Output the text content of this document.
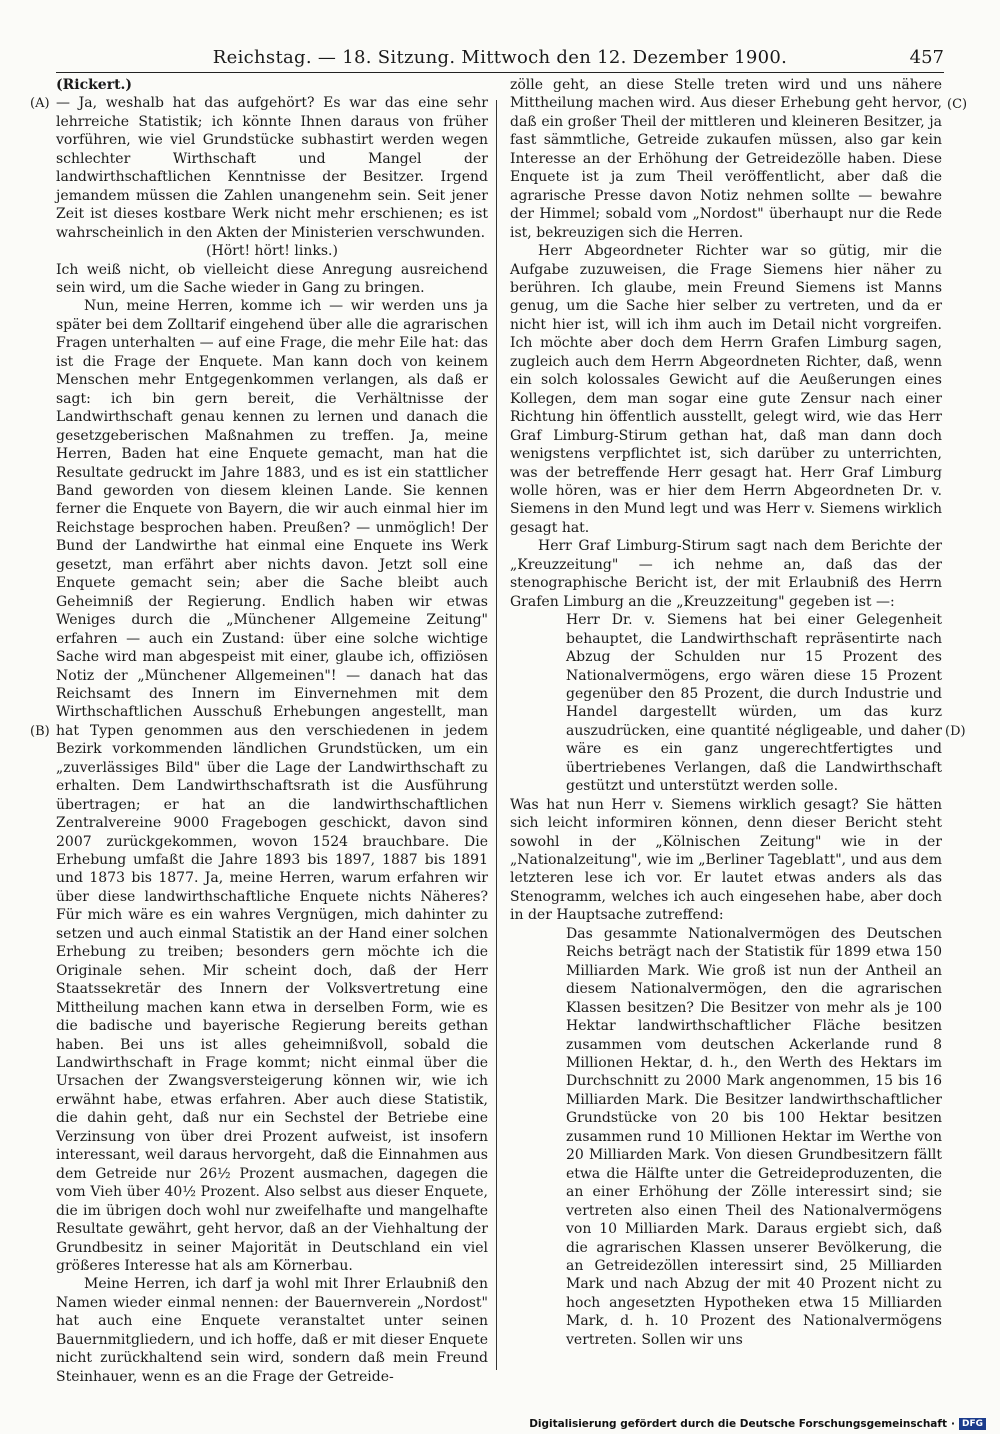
Reichstag. — 18. Sitzung. Mittwoch den 12. Dezember 1900.	457
(A)
(B)
(C)
(D)

(Rickert.)

— Ja, weshalb hat das aufgehört? Es war das eine sehr lehrreiche Statistik; ich könnte Ihnen daraus von früher vorführen, wie viel Grundstücke subhastirt werden wegen schlechter Wirthschaft und Mangel der landwirthschaftlichen Kenntnisse der Besitzer. Irgend jemandem müssen die Zahlen unangenehm sein. Seit jener Zeit ist dieses kostbare Werk nicht mehr erschienen; es ist wahrscheinlich in den Akten der Ministerien verschwunden.

(Hört! hört! links.)

Ich weiß nicht, ob vielleicht diese Anregung ausreichend sein wird, um die Sache wieder in Gang zu bringen.

Nun, meine Herren, komme ich — wir werden uns ja später bei dem Zolltarif eingehend über alle die agrarischen Fragen unterhalten — auf eine Frage, die mehr Eile hat: das ist die Frage der Enquete. Man kann doch von keinem Menschen mehr Entgegenkommen verlangen, als daß er sagt: ich bin gern bereit, die Verhältnisse der Landwirthschaft genau kennen zu lernen und danach die gesetzgeberischen Maßnahmen zu treffen. Ja, meine Herren, Baden hat eine Enquete gemacht, man hat die Resultate gedruckt im Jahre 1883, und es ist ein stattlicher Band geworden von diesem kleinen Lande. Sie kennen ferner die Enquete von Bayern, die wir auch einmal hier im Reichstage besprochen haben. Preußen? — unmöglich! Der Bund der Landwirthe hat einmal eine Enquete ins Werk gesetzt, man erfährt aber nichts davon. Jetzt soll eine Enquete gemacht sein; aber die Sache bleibt auch Geheimniß der Regierung. Endlich haben wir etwas Weniges durch die „Münchener Allgemeine Zeitung" erfahren — auch ein Zustand: über eine solche wichtige Sache wird man abgespeist mit einer, glaube ich, offiziösen Notiz der „Münchener Allgemeinen"! — danach hat das Reichsamt des Innern im Einvernehmen mit dem Wirthschaftlichen Ausschuß Erhebungen angestellt, man hat Typen genommen aus den verschiedenen in jedem Bezirk vorkommenden ländlichen Grundstücken, um ein „zuverlässiges Bild" über die Lage der Landwirthschaft zu erhalten. Dem Landwirthschaftsrath ist die Ausführung übertragen; er hat an die landwirthschaftlichen Zentralvereine 9000 Fragebogen geschickt, davon sind 2007 zurückgekommen, wovon 1524 brauchbare. Die Erhebung umfaßt die Jahre 1893 bis 1897, 1887 bis 1891 und 1873 bis 1877. Ja, meine Herren, warum erfahren wir über diese landwirthschaftliche Enquete nichts Näheres? Für mich wäre es ein wahres Vergnügen, mich dahinter zu setzen und auch einmal Statistik an der Hand einer solchen Erhebung zu treiben; besonders gern möchte ich die Originale sehen. Mir scheint doch, daß der Herr Staatssekretär des Innern der Volksvertretung eine Mittheilung machen kann etwa in derselben Form, wie es die badische und bayerische Regierung bereits gethan haben. Bei uns ist alles geheimnißvoll, sobald die Landwirthschaft in Frage kommt; nicht einmal über die Ursachen der Zwangsversteigerung können wir, wie ich erwähnt habe, etwas erfahren. Aber auch diese Statistik, die dahin geht, daß nur ein Sechstel der Betriebe eine Verzinsung von über drei Prozent aufweist, ist insofern interessant, weil daraus hervorgeht, daß die Einnahmen aus dem Getreide nur 26½ Prozent ausmachen, dagegen die vom Vieh über 40½ Prozent. Also selbst aus dieser Enquete, die im übrigen doch wohl nur zweifelhafte und mangelhafte Resultate gewährt, geht hervor, daß an der Viehhaltung der Grundbesitz in seiner Majorität in Deutschland ein viel größeres Interesse hat als am Körnerbau.

Meine Herren, ich darf ja wohl mit Ihrer Erlaubniß den Namen wieder einmal nennen: der Bauernverein „Nordost" hat auch eine Enquete veranstaltet unter seinen Bauernmitgliedern, und ich hoffe, daß er mit dieser Enquete nicht zurückhaltend sein wird, sondern daß mein Freund Steinhauer, wenn es an die Frage der Getreide-

zölle geht, an diese Stelle treten wird und uns nähere Mittheilung machen wird. Aus dieser Erhebung geht hervor, daß ein großer Theil der mittleren und kleineren Besitzer, ja fast sämmtliche, Getreide zukaufen müssen, also gar kein Interesse an der Erhöhung der Getreidezölle haben. Diese Enquete ist ja zum Theil veröffentlicht, aber daß die agrarische Presse davon Notiz nehmen sollte — bewahre der Himmel; sobald vom „Nordost" überhaupt nur die Rede ist, bekreuzigen sich die Herren.

Herr Abgeordneter Richter war so gütig, mir die Aufgabe zuzuweisen, die Frage Siemens hier näher zu berühren. Ich glaube, mein Freund Siemens ist Manns genug, um die Sache hier selber zu vertreten, und da er nicht hier ist, will ich ihm auch im Detail nicht vorgreifen. Ich möchte aber doch dem Herrn Grafen Limburg sagen, zugleich auch dem Herrn Abgeordneten Richter, daß, wenn ein solch kolossales Gewicht auf die Aeußerungen eines Kollegen, dem man sogar eine gute Zensur nach einer Richtung hin öffentlich ausstellt, gelegt wird, wie das Herr Graf Limburg-Stirum gethan hat, daß man dann doch wenigstens verpflichtet ist, sich darüber zu unterrichten, was der betreffende Herr gesagt hat. Herr Graf Limburg wolle hören, was er hier dem Herrn Abgeordneten Dr. v. Siemens in den Mund legt und was Herr v. Siemens wirklich gesagt hat.

Herr Graf Limburg-Stirum sagt nach dem Berichte der „Kreuzzeitung" — ich nehme an, daß das der stenographische Bericht ist, der mit Erlaubniß des Herrn Grafen Limburg an die „Kreuzzeitung" gegeben ist —:

Herr Dr. v. Siemens hat bei einer Gelegenheit behauptet, die Landwirthschaft repräsentirte nach Abzug der Schulden nur 15 Prozent des Nationalvermögens, ergo wären diese 15 Prozent gegenüber den 85 Prozent, die durch Industrie und Handel dargestellt würden, um das kurz auszudrücken, eine quantité négligeable, und daher wäre es ein ganz ungerechtfertigtes und übertriebenes Verlangen, daß die Landwirthschaft gestützt und unterstützt werden solle.

Was hat nun Herr v. Siemens wirklich gesagt? Sie hätten sich leicht informiren können, denn dieser Bericht steht sowohl in der „Kölnischen Zeitung" wie in der „Nationalzeitung", wie im „Berliner Tageblatt", und aus dem letzteren lese ich vor. Er lautet etwas anders als das Stenogramm, welches ich auch eingesehen habe, aber doch in der Hauptsache zutreffend:

Das gesammte Nationalvermögen des Deutschen Reichs beträgt nach der Statistik für 1899 etwa 150 Milliarden Mark. Wie groß ist nun der Antheil an diesem Nationalvermögen, den die agrarischen Klassen besitzen? Die Besitzer von mehr als je 100 Hektar landwirthschaftlicher Fläche besitzen zusammen vom deutschen Ackerlande rund 8 Millionen Hektar, d. h., den Werth des Hektars im Durchschnitt zu 2000 Mark angenommen, 15 bis 16 Milliarden Mark. Die Besitzer landwirthschaftlicher Grundstücke von 20 bis 100 Hektar besitzen zusammen rund 10 Millionen Hektar im Werthe von 20 Milliarden Mark. Von diesen Grundbesitzern fällt etwa die Hälfte unter die Getreideproduzenten, die an einer Erhöhung der Zölle interessirt sind; sie vertreten also einen Theil des Nationalvermögens von 10 Milliarden Mark. Daraus ergiebt sich, daß die agrarischen Klassen unserer Bevölkerung, die an Getreidezöllen interessirt sind, 25 Milliarden Mark und nach Abzug der mit 40 Prozent nicht zu hoch angesetzten Hypotheken etwa 15 Milliarden Mark, d. h. 10 Prozent des Nationalvermögens vertreten. Sollen wir uns

Digitalisierung gefördert durch die Deutsche Forschungsgemeinschaft · DFG
